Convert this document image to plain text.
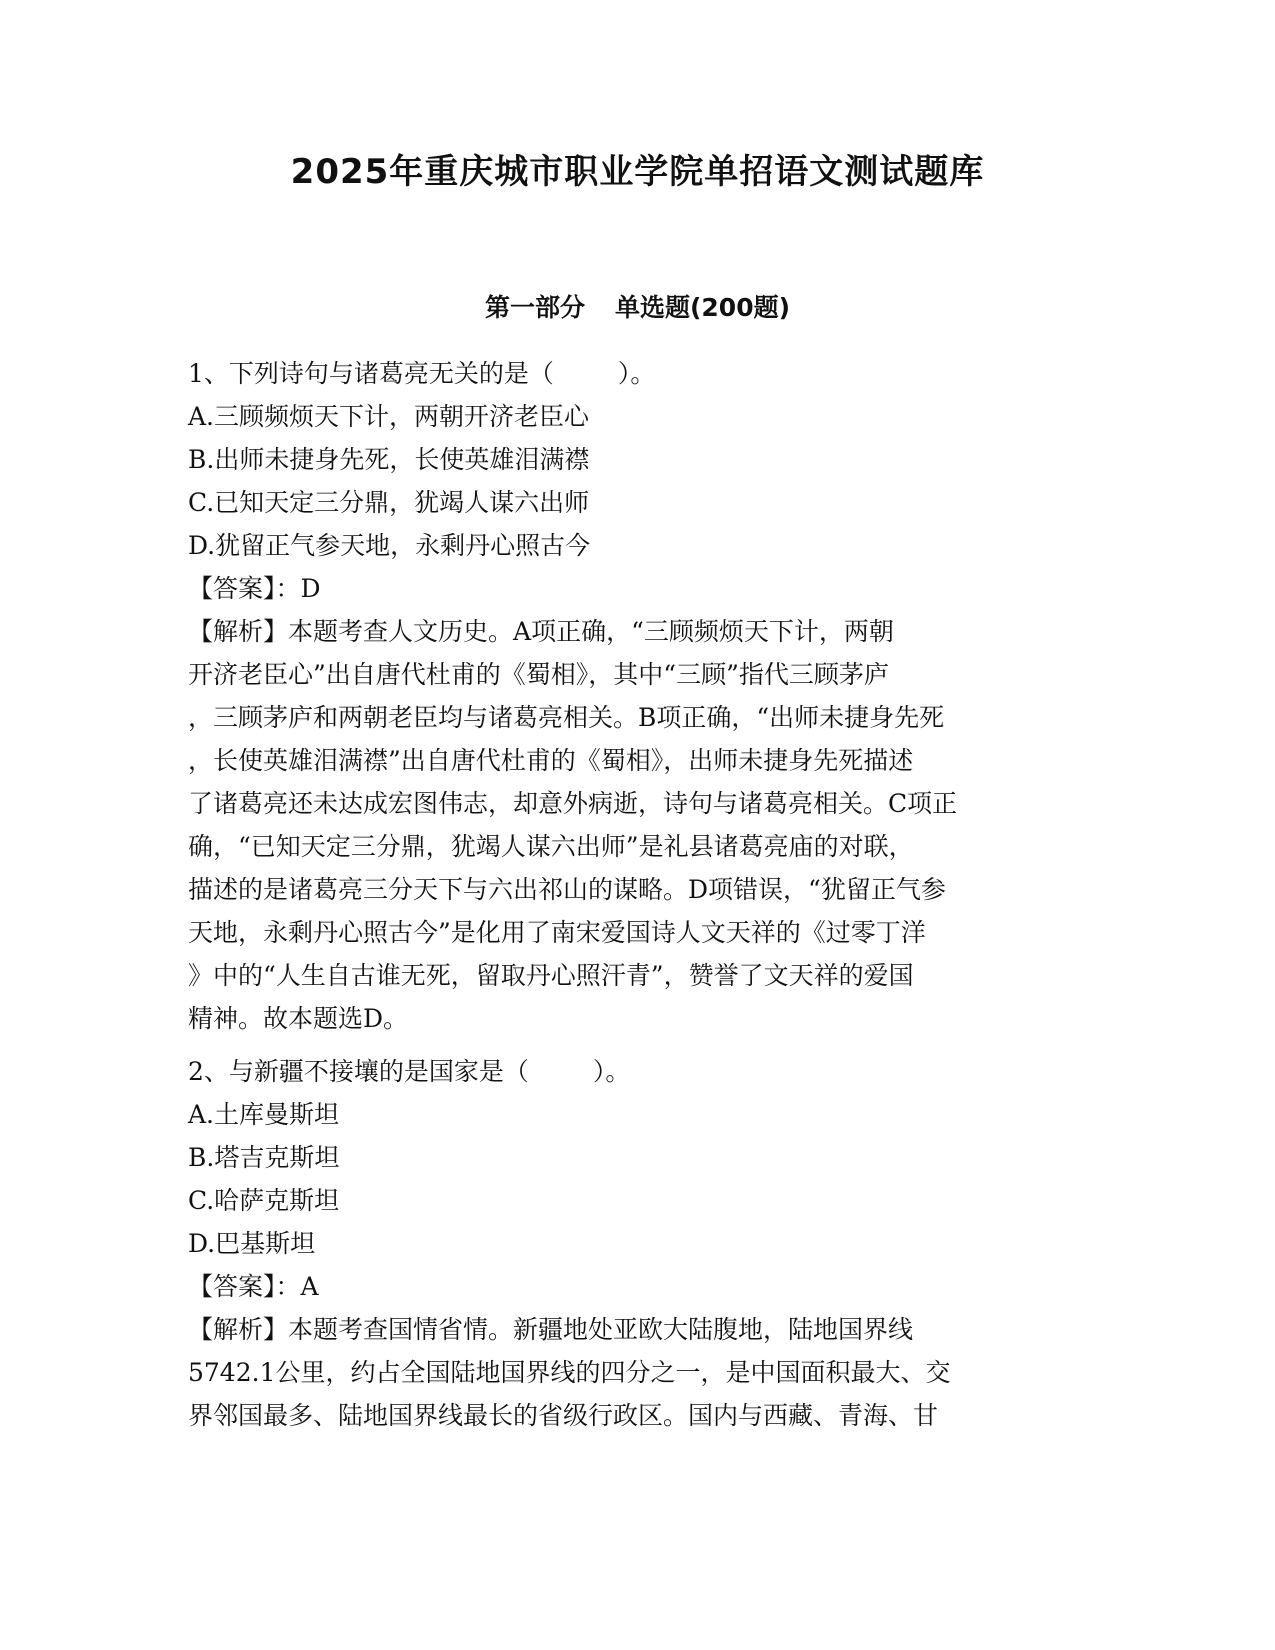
2025年重庆城市职业学院单招语文测试题库
第一部分 单选题(200题)
1、下列诗句与诸葛亮无关的是（	）。
A.三顾频烦天下计，两朝开济老臣心
B.出师未捷身先死，长使英雄泪满襟
C.已知天定三分鼎，犹竭人谋六出师
D.犹留正气参天地，永剩丹心照古今
【答案】：D
【解析】本题考查人文历史。A项正确，“三顾频烦天下计，两朝
开济老臣心”出自唐代杜甫的《蜀相》，其中“三顾”指代三顾茅庐
，三顾茅庐和两朝老臣均与诸葛亮相关。B项正确，“出师未捷身先死
，长使英雄泪满襟”出自唐代杜甫的《蜀相》，出师未捷身先死描述
了诸葛亮还未达成宏图伟志，却意外病逝，诗句与诸葛亮相关。C项正
确，“已知天定三分鼎，犹竭人谋六出师”是礼县诸葛亮庙的对联，
描述的是诸葛亮三分天下与六出祁山的谋略。D项错误，“犹留正气参
天地，永剩丹心照古今”是化用了南宋爱国诗人文天祥的《过零丁洋
》中的“人生自古谁无死，留取丹心照汗青”，赞誉了文天祥的爱国
精神。故本题选D。
2、与新疆不接壤的是国家是（	）。
A.土库曼斯坦
B.塔吉克斯坦
C.哈萨克斯坦
D.巴基斯坦
【答案】：A
【解析】本题考查国情省情。新疆地处亚欧大陆腹地，陆地国界线
5742.1公里，约占全国陆地国界线的四分之一，是中国面积最大、交
界邻国最多、陆地国界线最长的省级行政区。国内与西藏、青海、甘
